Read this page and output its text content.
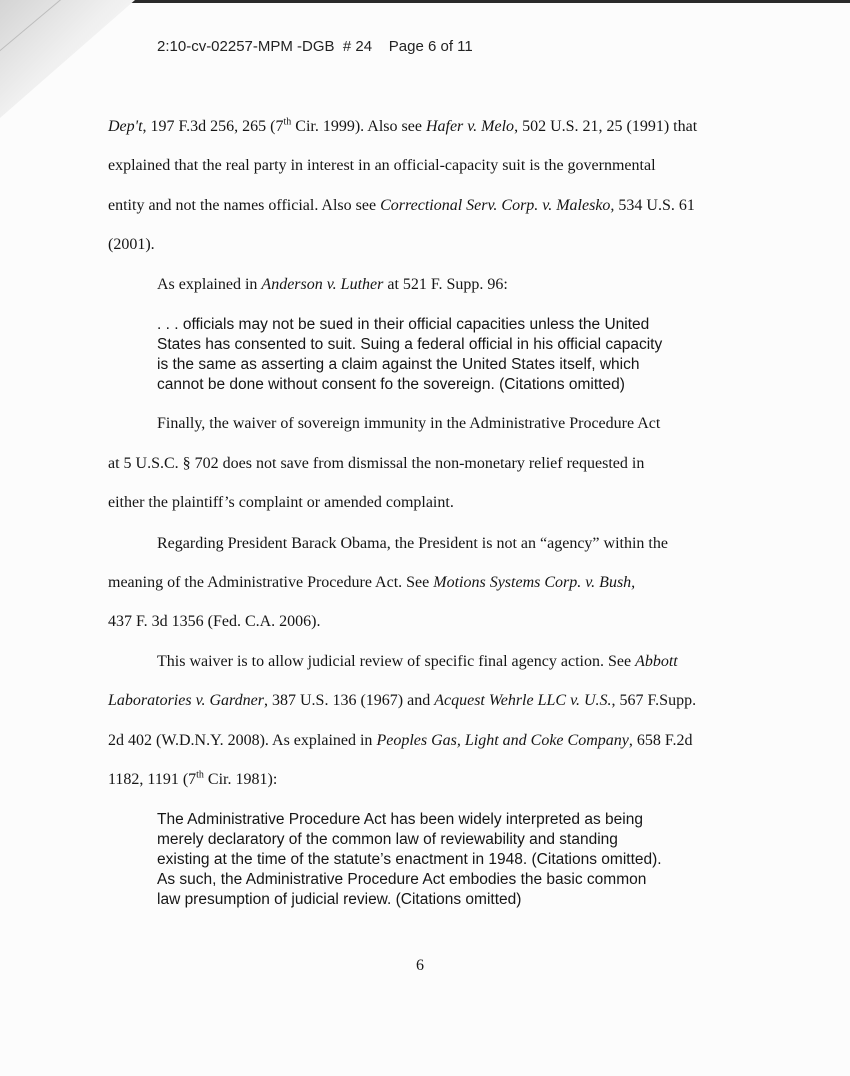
2:10-cv-02257-MPM -DGB # 24 Page 6 of 11
Dep't, 197 F.3d 256, 265 (7th Cir. 1999). Also see Hafer v. Melo, 502 U.S. 21, 25 (1991) that
explained that the real party in interest in an official-capacity suit is the governmental
entity and not the names official. Also see Correctional Serv. Corp. v. Malesko, 534 U.S. 61
(2001).
As explained in Anderson v. Luther at 521 F. Supp. 96:
. . . officials may not be sued in their official capacities unless the United
States has consented to suit. Suing a federal official in his official capacity
is the same as asserting a claim against the United States itself, which
cannot be done without consent fo the sovereign. (Citations omitted)
Finally, the waiver of sovereign immunity in the Administrative Procedure Act
at 5 U.S.C. § 702 does not save from dismissal the non-monetary relief requested in
either the plaintiff’s complaint or amended complaint.
Regarding President Barack Obama, the President is not an “agency” within the
meaning of the Administrative Procedure Act. See Motions Systems Corp. v. Bush,
437 F. 3d 1356 (Fed. C.A. 2006).
This waiver is to allow judicial review of specific final agency action. See Abbott
Laboratories v. Gardner, 387 U.S. 136 (1967) and Acquest Wehrle LLC v. U.S., 567 F.Supp.
2d 402 (W.D.N.Y. 2008). As explained in Peoples Gas, Light and Coke Company, 658 F.2d
1182, 1191 (7th Cir. 1981):
The Administrative Procedure Act has been widely interpreted as being
merely declaratory of the common law of reviewability and standing
existing at the time of the statute’s enactment in 1948. (Citations omitted).
As such, the Administrative Procedure Act embodies the basic common
law presumption of judicial review. (Citations omitted)
6
